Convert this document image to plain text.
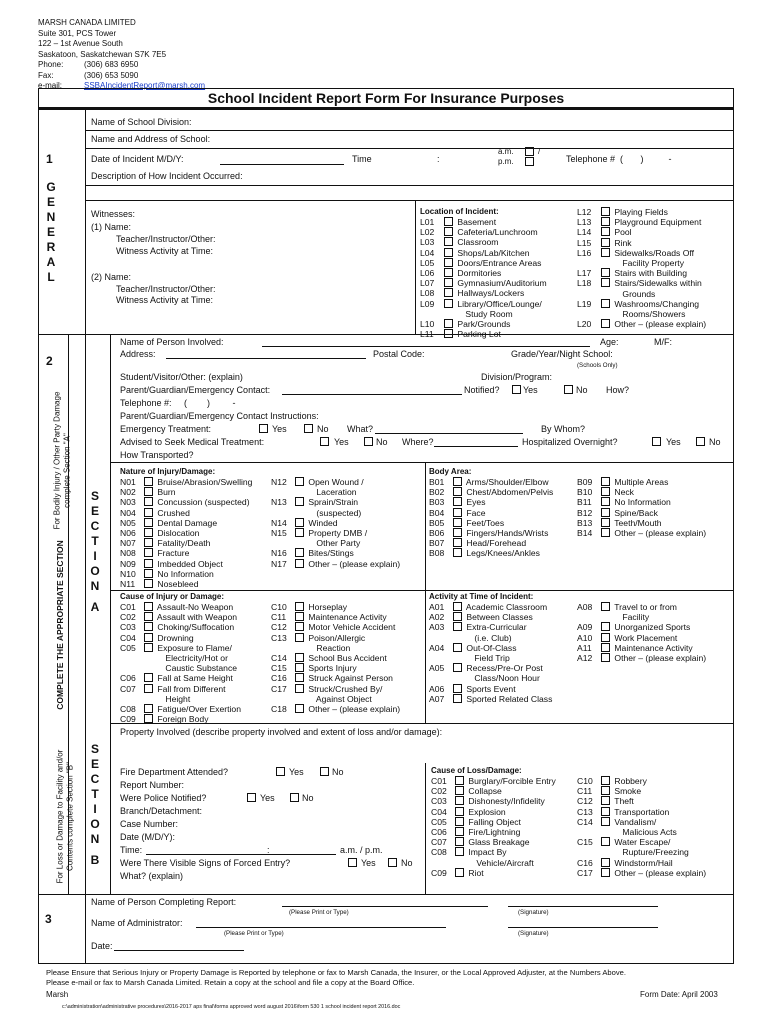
MARSH CANADA LIMITED
Suite 301, PCS Tower
122 – 1st Avenue South
Saskatoon, Saskatchewan S7K 7E5
Phone:	(306) 683 6950
Fax:	(306) 653 5090
e-mail:	SSBAIncidentReport@marsh.com
School Incident Report Form For Insurance Purposes
1
G
E
N
E
R
A
L
2
For Bodily Injury / Other Party Damage complete Section "A"
COMPLETE THE APPROPRIATE SECTION
For Loss or Damage to Facility and/or Contents complete Section "B"
3
S
E
C
T
I
O
N
A
S
E
C
T
I
O
N
B
Name of School Division:
Name and Address of School:
Date of Incident M/D/Y:	Time	:
a.m.	/
p.m.	Telephone #  (       )          -
Description of How Incident Occurred:
Witnesses:
(1) Name:
Teacher/Instructor/Other:
Witness Activity at Time:
(2) Name:
Teacher/Instructor/Other:
Witness Activity at Time:
Location of Incident:
L01 Basement
L02 Cafeteria/Lunchroom
L03 Classroom
L04 Shops/Lab/Kitchen
L05 Doors/Entrance Areas
L06 Dormitories
L07 Gymnasium/Auditorium
L08 Hallways/Lockers
L09 Library/Office/Lounge/
Study Room
L10 Park/Grounds
L11 Parking Lot
L12 Playing Fields
L13 Playground Equipment
L14 Pool
L15 Rink
L16 Sidewalks/Roads Off
Facility Property
L17 Stairs with Building
L18 Stairs/Sidewalks within
Grounds
L19 Washrooms/Changing
Rooms/Showers
L20 Other – (please explain)
Name of Person Involved:	Age:	M/F:
Address:	Postal Code:	Grade/Year/Night School:
(Schools Only)
Student/Visitor/Other: (explain)	Division/Program:
Parent/Guardian/Emergency Contact:	Notified?	Yes	No How?
Telephone #:     (        )         -
Parent/Guardian/Emergency Contact Instructions:
Emergency Treatment:	Yes	No What?	By Whom?
Advised to Seek Medical Treatment:	Yes	No Where?	Hospitalized Overnight?	Yes	No
How Transported?
Nature of Injury/Damage:
N01 Bruise/Abrasion/Swelling
N02 Burn
N03 Concussion (suspected)
N04 Crushed
N05 Dental Damage
N06 Dislocation
N07 Fatality/Death
N08 Fracture
N09 Imbedded Object
N10 No Information
N11 Nosebleed
N12 Open Wound /
Laceration
N13 Sprain/Strain
(suspected)
N14 Winded
N15 Property DMB /
Other Party
N16 Bites/Stings
N17 Other – (please explain)
Body Area:
B01 Arms/Shoulder/Elbow
B02 Chest/Abdomen/Pelvis
B03 Eyes
B04 Face
B05 Feet/Toes
B06 Fingers/Hands/Wrists
B07 Head/Forehead
B08 Legs/Knees/Ankles
B09 Multiple Areas
B10 Neck
B11 No Information
B12 Spine/Back
B13 Teeth/Mouth
B14 Other – (please explain)
Cause of Injury or Damage:
C01 Assault-No Weapon
C02 Assault with Weapon
C03 Choking/Suffocation
C04 Drowning
C05 Exposure to Flame/
Electricity/Hot or
Caustic Substance
C06 Fall at Same Height
C07 Fall from Different
Height
C08 Fatigue/Over Exertion
C09 Foreign Body
C10 Horseplay
C11 Maintenance Activity
C12 Motor Vehicle Accident
C13 Poison/Allergic
Reaction
C14 School Bus Accident
C15 Sports Injury
C16 Struck Against Person
C17 Struck/Crushed By/
Against Object
C18 Other – (please explain)
Activity at Time of Incident:
A01 Academic Classroom
A02 Between Classes
A03 Extra-Curricular
(i.e. Club)
A04 Out-Of-Class
Field Trip
A05 Recess/Pre-Or Post
Class/Noon Hour
A06 Sports Event
A07 Sported Related Class
A08 Travel to or from
Facility
A09 Unorganized Sports
A10 Work Placement
A11 Maintenance Activity
A12 Other – (please explain)
Property Involved (describe property involved and extent of loss and/or damage):
Fire Department Attended?	Yes	No
Report Number:
Were Police Notified?	Yes	No
Branch/Detachment:
Case Number:
Date (M/D/Y):
Time:	:	a.m. / p.m.
Were There Visible Signs of Forced Entry?	Yes	No
What? (explain)
Cause of Loss/Damage:
C01 Burglary/Forcible Entry
C02 Collapse
C03 Dishonesty/Infidelity
C04 Explosion
C05 Falling Object
C06 Fire/Lightning
C07 Glass Breakage
C08 Impact By
Vehicle/Aircraft
C09 Riot
C10 Robbery
C11 Smoke
C12 Theft
C13 Transportation
C14 Vandalism/
Malicious Acts
C15 Water Escape/
Rupture/Freezing
C16 Windstorm/Hail
C17 Other – (please explain)
Name of Person Completing Report:
(Please Print or Type)	(Signature)
Name of Administrator:
(Please Print or Type)	(Signature)
Date:
Please Ensure that Serious Injury or Property Damage is Reported by telephone or fax to Marsh Canada, the Insurer, or the Local Approved Adjuster, at the Numbers Above.
Please e-mail or fax to Marsh Canada Limited. Retain a copy at the school and file a copy at the Board Office.
Marsh	Form Date: April 2003
c:\administration\administrative procedures\2016-2017 aps final\forms approved word august 2016\form 530 1 school incident report 2016.doc
